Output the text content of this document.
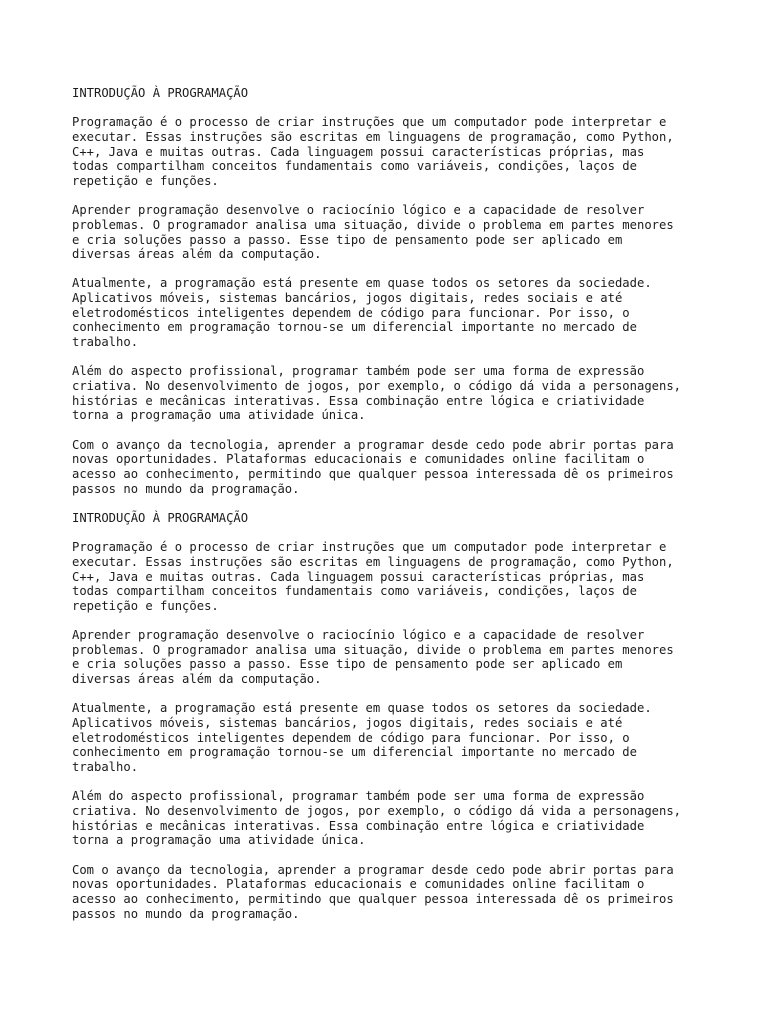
INTRODUÇÃO À PROGRAMAÇÃO
Programação é o processo de criar instruções que um computador pode interpretar e
executar. Essas instruções são escritas em linguagens de programação, como Python,
C++, Java e muitas outras. Cada linguagem possui características próprias, mas
todas compartilham conceitos fundamentais como variáveis, condições, laços de
repetição e funções.
Aprender programação desenvolve o raciocínio lógico e a capacidade de resolver
problemas. O programador analisa uma situação, divide o problema em partes menores
e cria soluções passo a passo. Esse tipo de pensamento pode ser aplicado em
diversas áreas além da computação.
Atualmente, a programação está presente em quase todos os setores da sociedade.
Aplicativos móveis, sistemas bancários, jogos digitais, redes sociais e até
eletrodomésticos inteligentes dependem de código para funcionar. Por isso, o
conhecimento em programação tornou-se um diferencial importante no mercado de
trabalho.
Além do aspecto profissional, programar também pode ser uma forma de expressão
criativa. No desenvolvimento de jogos, por exemplo, o código dá vida a personagens,
histórias e mecânicas interativas. Essa combinação entre lógica e criatividade
torna a programação uma atividade única.
Com o avanço da tecnologia, aprender a programar desde cedo pode abrir portas para
novas oportunidades. Plataformas educacionais e comunidades online facilitam o
acesso ao conhecimento, permitindo que qualquer pessoa interessada dê os primeiros
passos no mundo da programação.
INTRODUÇÃO À PROGRAMAÇÃO
Programação é o processo de criar instruções que um computador pode interpretar e
executar. Essas instruções são escritas em linguagens de programação, como Python,
C++, Java e muitas outras. Cada linguagem possui características próprias, mas
todas compartilham conceitos fundamentais como variáveis, condições, laços de
repetição e funções.
Aprender programação desenvolve o raciocínio lógico e a capacidade de resolver
problemas. O programador analisa uma situação, divide o problema em partes menores
e cria soluções passo a passo. Esse tipo de pensamento pode ser aplicado em
diversas áreas além da computação.
Atualmente, a programação está presente em quase todos os setores da sociedade.
Aplicativos móveis, sistemas bancários, jogos digitais, redes sociais e até
eletrodomésticos inteligentes dependem de código para funcionar. Por isso, o
conhecimento em programação tornou-se um diferencial importante no mercado de
trabalho.
Além do aspecto profissional, programar também pode ser uma forma de expressão
criativa. No desenvolvimento de jogos, por exemplo, o código dá vida a personagens,
histórias e mecânicas interativas. Essa combinação entre lógica e criatividade
torna a programação uma atividade única.
Com o avanço da tecnologia, aprender a programar desde cedo pode abrir portas para
novas oportunidades. Plataformas educacionais e comunidades online facilitam o
acesso ao conhecimento, permitindo que qualquer pessoa interessada dê os primeiros
passos no mundo da programação.
